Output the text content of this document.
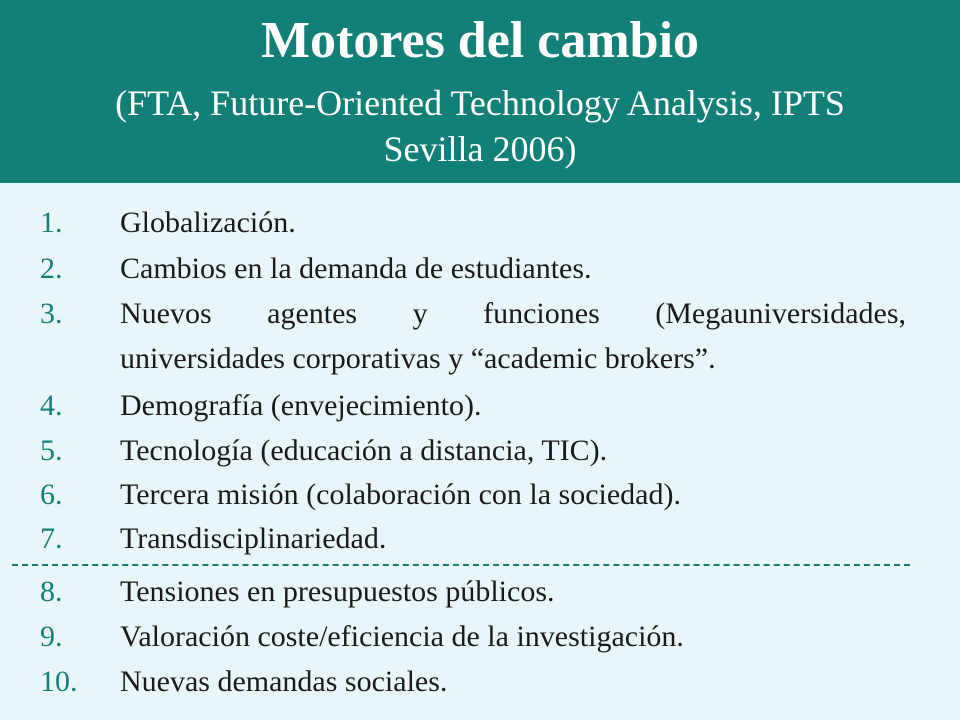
Motores del cambio
(FTA, Future-Oriented Technology Analysis, IPTS
Sevilla 2006)
1.	Globalización.
2.	Cambios en la demanda de estudiantes.
3.	Nuevos agentes y funciones (Megauniversidades,
universidades corporativas y “academic brokers”.
4.	Demografía (envejecimiento).
5.	Tecnología (educación a distancia, TIC).
6.	Tercera misión (colaboración con la sociedad).
7.	Transdisciplinariedad.
8.	Tensiones en presupuestos públicos.
9.	Valoración coste/eficiencia de la investigación.
10.	Nuevas demandas sociales.
